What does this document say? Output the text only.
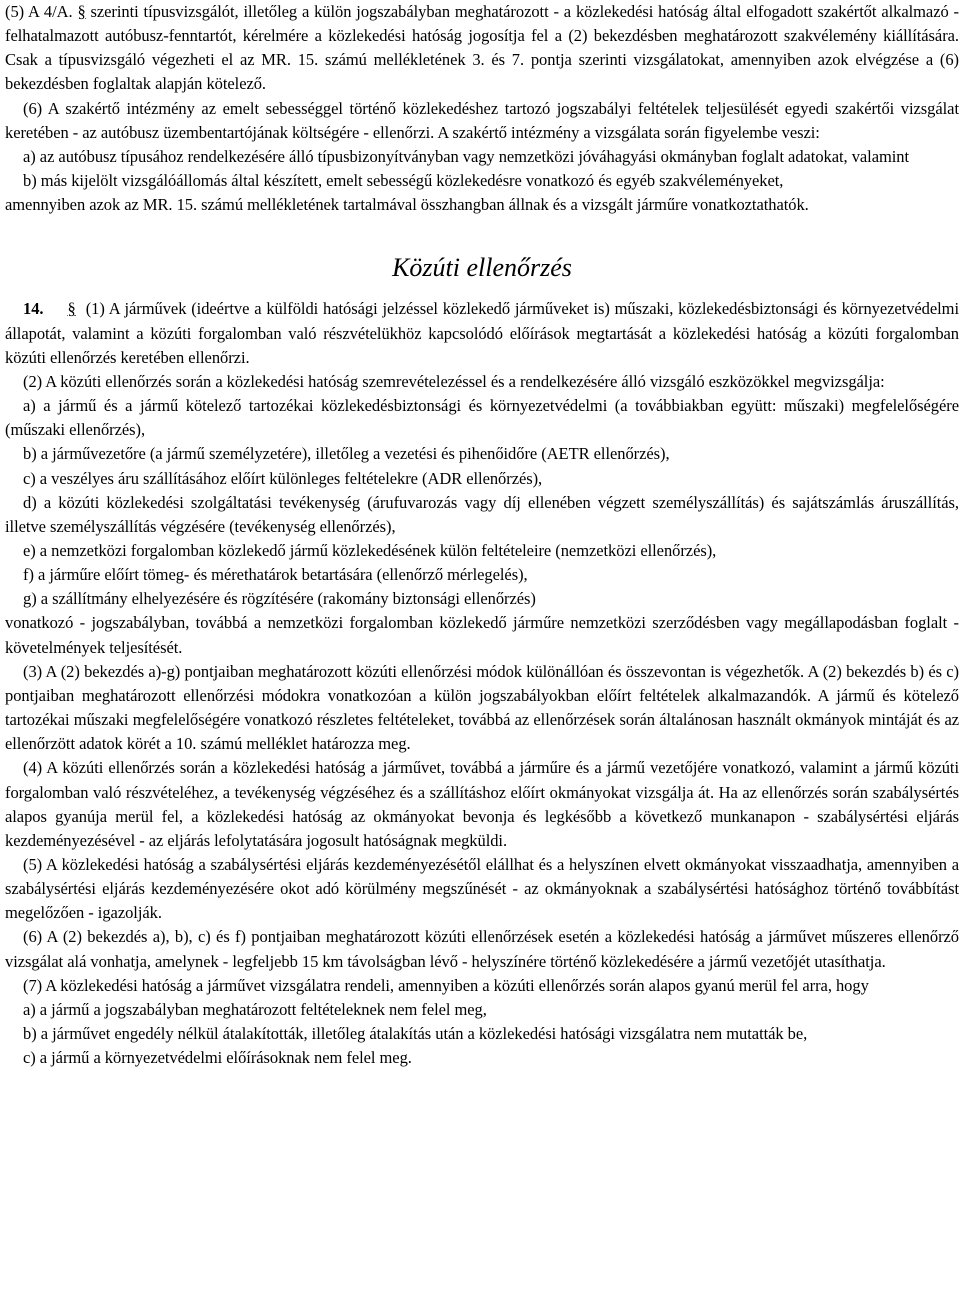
(5) A 4/A. § szerinti típusvizsgálót, illetőleg a külön jogszabályban meghatározott - a közlekedési hatóság által elfogadott szakértőt alkalmazó - felhatalmazott autóbusz-fenntartót, kérelmére a közlekedési hatóság jogosítja fel a (2) bekezdésben meghatározott szakvélemény kiállítására. Csak a típusvizsgáló végezheti el az MR. 15. számú mellékletének 3. és 7. pontja szerinti vizsgálatokat, amennyiben azok elvégzése a (6) bekezdésben foglaltak alapján kötelező.

(6) A szakértő intézmény az emelt sebességgel történő közlekedéshez tartozó jogszabályi feltételek teljesülését egyedi szakértői vizsgálat keretében - az autóbusz üzembentartójának költségére - ellenőrzi. A szakértő intézmény a vizsgálata során figyelembe veszi:

a) az autóbusz típusához rendelkezésére álló típusbizonyítványban vagy nemzetközi jóváhagyási okmányban foglalt adatokat, valamint

b) más kijelölt vizsgálóállomás által készített, emelt sebességű közlekedésre vonatkozó és egyéb szakvéleményeket,

amennyiben azok az MR. 15. számú mellékletének tartalmával összhangban állnak és a vizsgált járműre vonatkoztathatók.

Közúti ellenőrzés

14. § (1) A járművek (ideértve a külföldi hatósági jelzéssel közlekedő járműveket is) műszaki, közlekedésbiztonsági és környezetvédelmi állapotát, valamint a közúti forgalomban való részvételükhöz kapcsolódó előírások megtartását a közlekedési hatóság a közúti forgalomban közúti ellenőrzés keretében ellenőrzi.

(2) A közúti ellenőrzés során a közlekedési hatóság szemrevételezéssel és a rendelkezésére álló vizsgáló eszközökkel megvizsgálja:

a) a jármű és a jármű kötelező tartozékai közlekedésbiztonsági és környezetvédelmi (a továbbiakban együtt: műszaki) megfelelőségére (műszaki ellenőrzés),

b) a járművezetőre (a jármű személyzetére), illetőleg a vezetési és pihenőidőre (AETR ellenőrzés),

c) a veszélyes áru szállításához előírt különleges feltételekre (ADR ellenőrzés),

d) a közúti közlekedési szolgáltatási tevékenység (árufuvarozás vagy díj ellenében végzett személyszállítás) és sajátszámlás áruszállítás, illetve személyszállítás végzésére (tevékenység ellenőrzés),

e) a nemzetközi forgalomban közlekedő jármű közlekedésének külön feltételeire (nemzetközi ellenőrzés),

f) a járműre előírt tömeg- és mérethatárok betartására (ellenőrző mérlegelés),

g) a szállítmány elhelyezésére és rögzítésére (rakomány biztonsági ellenőrzés)

vonatkozó - jogszabályban, továbbá a nemzetközi forgalomban közlekedő járműre nemzetközi szerződésben vagy megállapodásban foglalt - követelmények teljesítését.

(3) A (2) bekezdés a)-g) pontjaiban meghatározott közúti ellenőrzési módok különállóan és összevontan is végezhetők. A (2) bekezdés b) és c) pontjaiban meghatározott ellenőrzési módokra vonatkozóan a külön jogszabályokban előírt feltételek alkalmazandók. A jármű és kötelező tartozékai műszaki megfelelőségére vonatkozó részletes feltételeket, továbbá az ellenőrzések során általánosan használt okmányok mintáját és az ellenőrzött adatok körét a 10. számú melléklet határozza meg.

(4) A közúti ellenőrzés során a közlekedési hatóság a járművet, továbbá a járműre és a jármű vezetőjére vonatkozó, valamint a jármű közúti forgalomban való részvételéhez, a tevékenység végzéséhez és a szállításhoz előírt okmányokat vizsgálja át. Ha az ellenőrzés során szabálysértés alapos gyanúja merül fel, a közlekedési hatóság az okmányokat bevonja és legkésőbb a következő munkanapon - szabálysértési eljárás kezdeményezésével - az eljárás lefolytatására jogosult hatóságnak megküldi.

(5) A közlekedési hatóság a szabálysértési eljárás kezdeményezésétől elállhat és a helyszínen elvett okmányokat visszaadhatja, amennyiben a szabálysértési eljárás kezdeményezésére okot adó körülmény megszűnését - az okmányoknak a szabálysértési hatósághoz történő továbbítást megelőzően - igazolják.

(6) A (2) bekezdés a), b), c) és f) pontjaiban meghatározott közúti ellenőrzések esetén a közlekedési hatóság a járművet műszeres ellenőrző vizsgálat alá vonhatja, amelynek - legfeljebb 15 km távolságban lévő - helyszínére történő közlekedésére a jármű vezetőjét utasíthatja.

(7) A közlekedési hatóság a járművet vizsgálatra rendeli, amennyiben a közúti ellenőrzés során alapos gyanú merül fel arra, hogy

a) a jármű a jogszabályban meghatározott feltételeknek nem felel meg,

b) a járművet engedély nélkül átalakították, illetőleg átalakítás után a közlekedési hatósági vizsgálatra nem mutatták be,

c) a jármű a környezetvédelmi előírásoknak nem felel meg.
